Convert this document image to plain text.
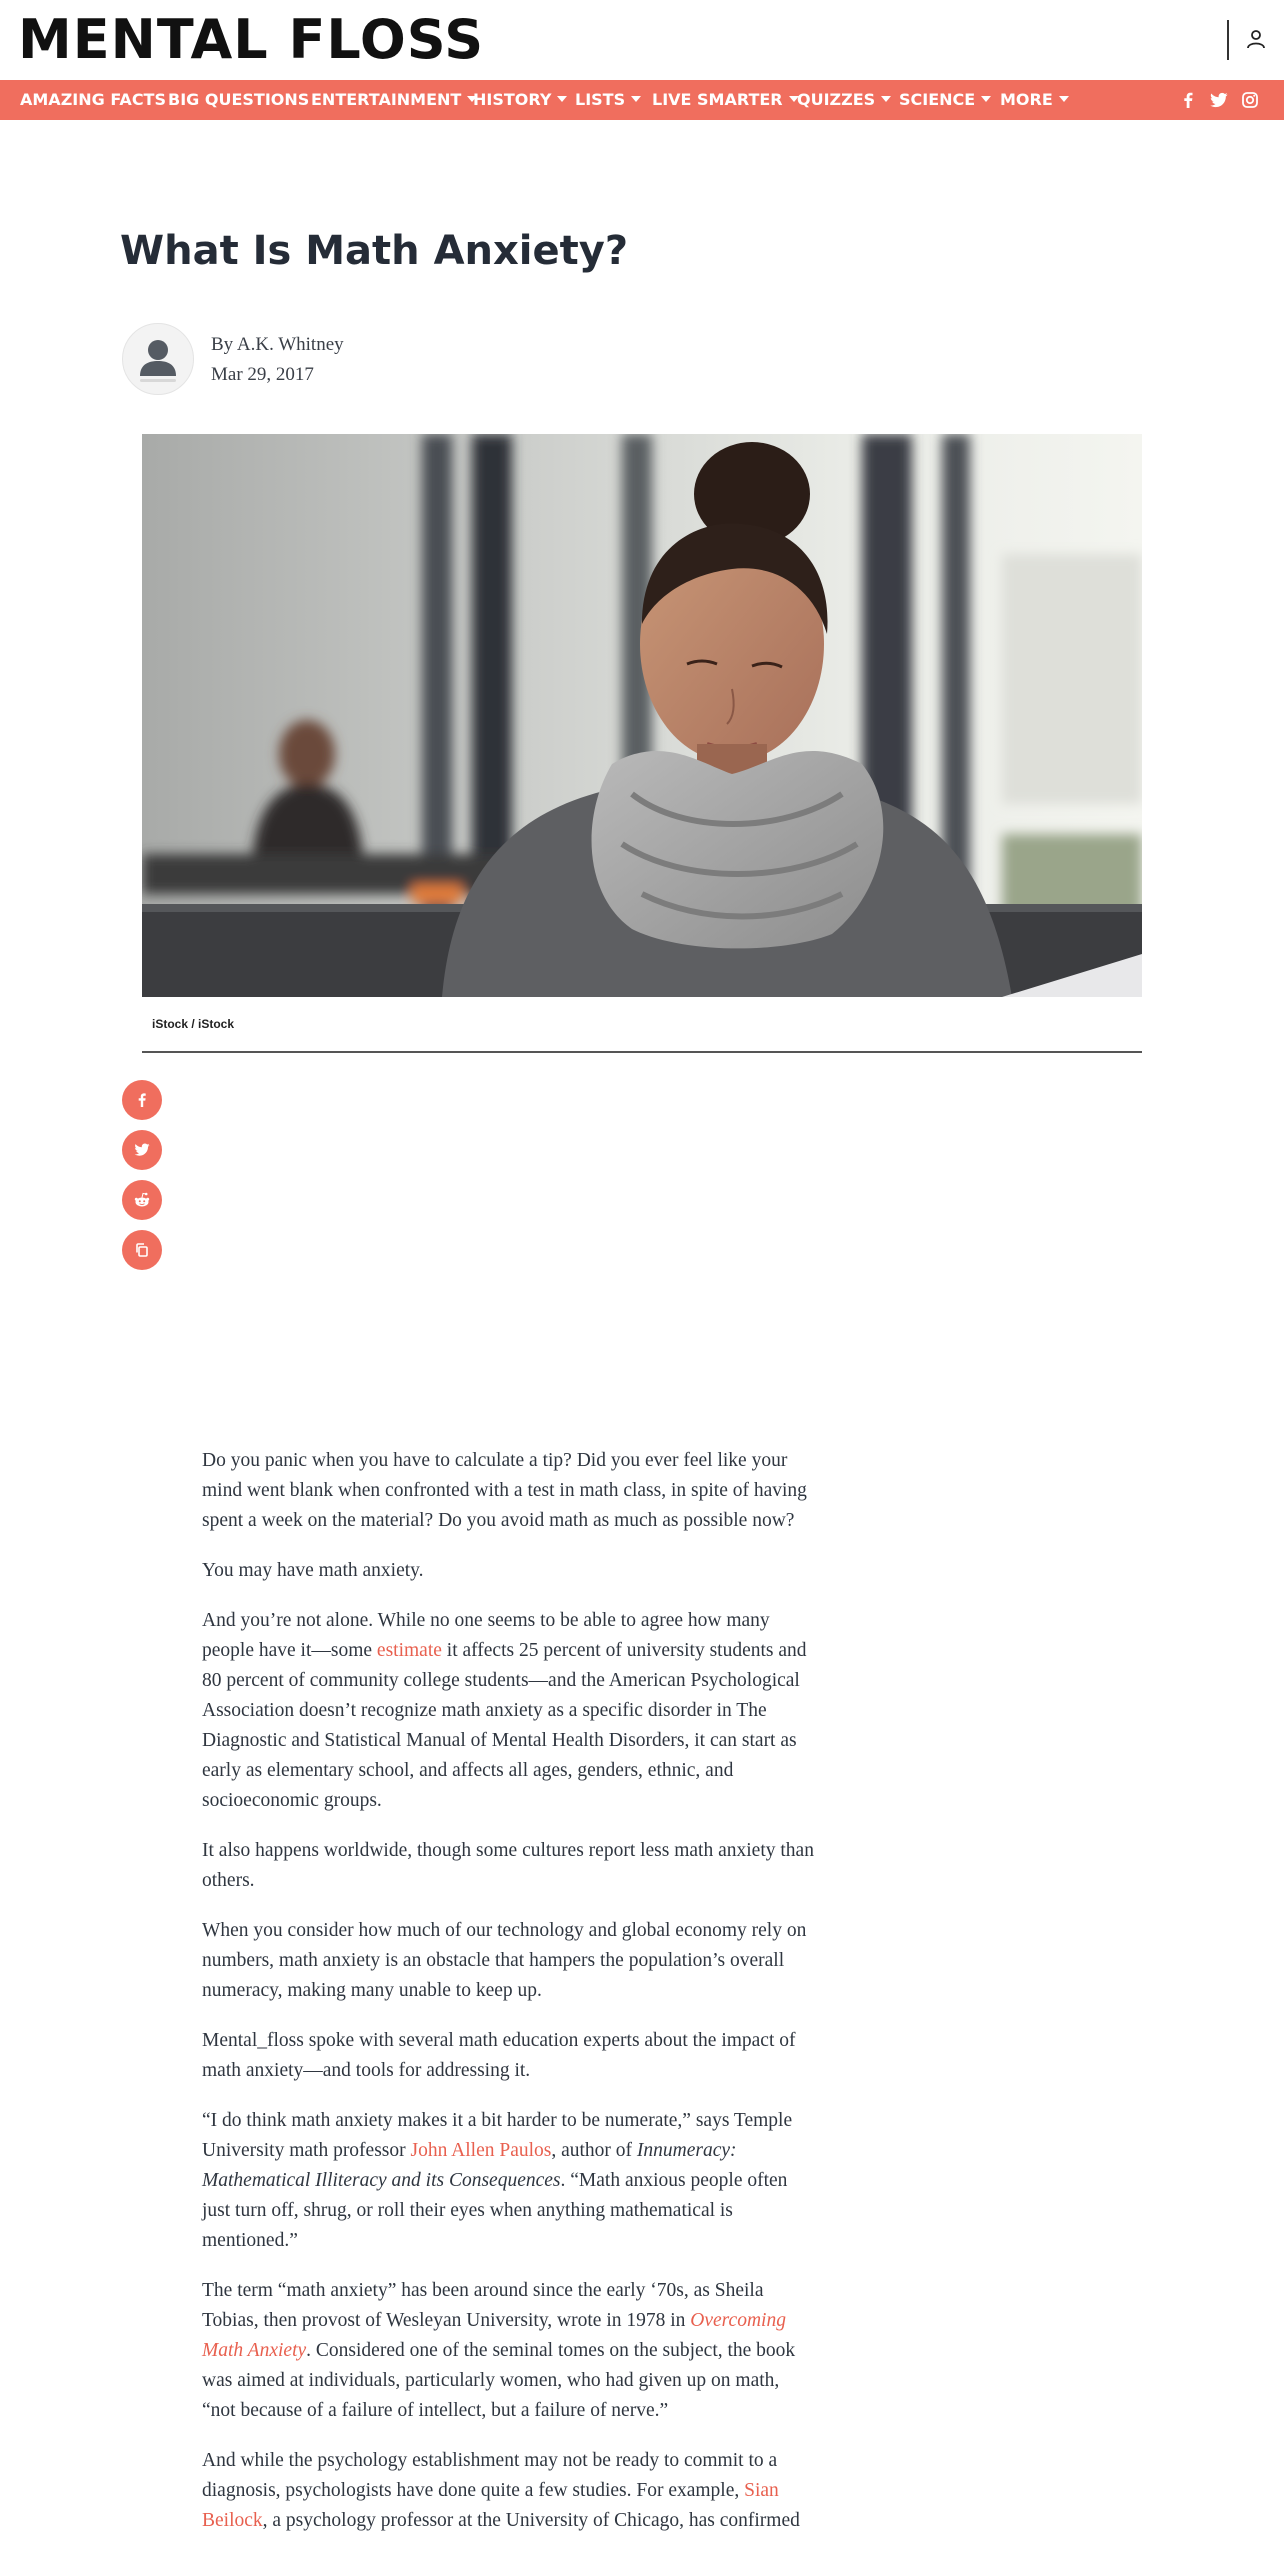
MENTAL FLOSS
AMAZING FACTS BIG QUESTIONS ENTERTAINMENT HISTORY	LISTS	LIVE SMARTER QUIZZES	SCIENCE	MORE
What Is Math Anxiety?
By A.K. Whitney
Mar 29, 2017
iStock / iStock

Do you panic when you have to calculate a tip? Did you ever feel like your mind went blank when confronted with a test in math class, in spite of having spent a week on the material? Do you avoid math as much as possible now?

You may have math anxiety.

And you’re not alone. While no one seems to be able to agree how many people have it—some estimate it affects 25 percent of university students and 80 percent of community college students—and the American Psychological Association doesn’t recognize math anxiety as a specific disorder in The Diagnostic and Statistical Manual of Mental Health Disorders, it can start as early as elementary school, and affects all ages, genders, ethnic, and socioeconomic groups.

It also happens worldwide, though some cultures report less math anxiety than others.

When you consider how much of our technology and global economy rely on numbers, math anxiety is an obstacle that hampers the population’s overall numeracy, making many unable to keep up.

Mental_floss spoke with several math education experts about the impact of math anxiety—and tools for addressing it.

“I do think math anxiety makes it a bit harder to be numerate,” says Temple University math professor John Allen Paulos, author of Innumeracy: Mathematical Illiteracy and its Consequences. “Math anxious people often just turn off, shrug, or roll their eyes when anything mathematical is mentioned.”

The term “math anxiety” has been around since the early ‘70s, as Sheila Tobias, then provost of Wesleyan University, wrote in 1978 in Overcoming Math Anxiety. Considered one of the seminal tomes on the subject, the book was aimed at individuals, particularly women, who had given up on math, “not because of a failure of intellect, but a failure of nerve.”

And while the psychology establishment may not be ready to commit to a diagnosis, psychologists have done quite a few studies. For example, Sian Beilock, a psychology professor at the University of Chicago, has confirmed
